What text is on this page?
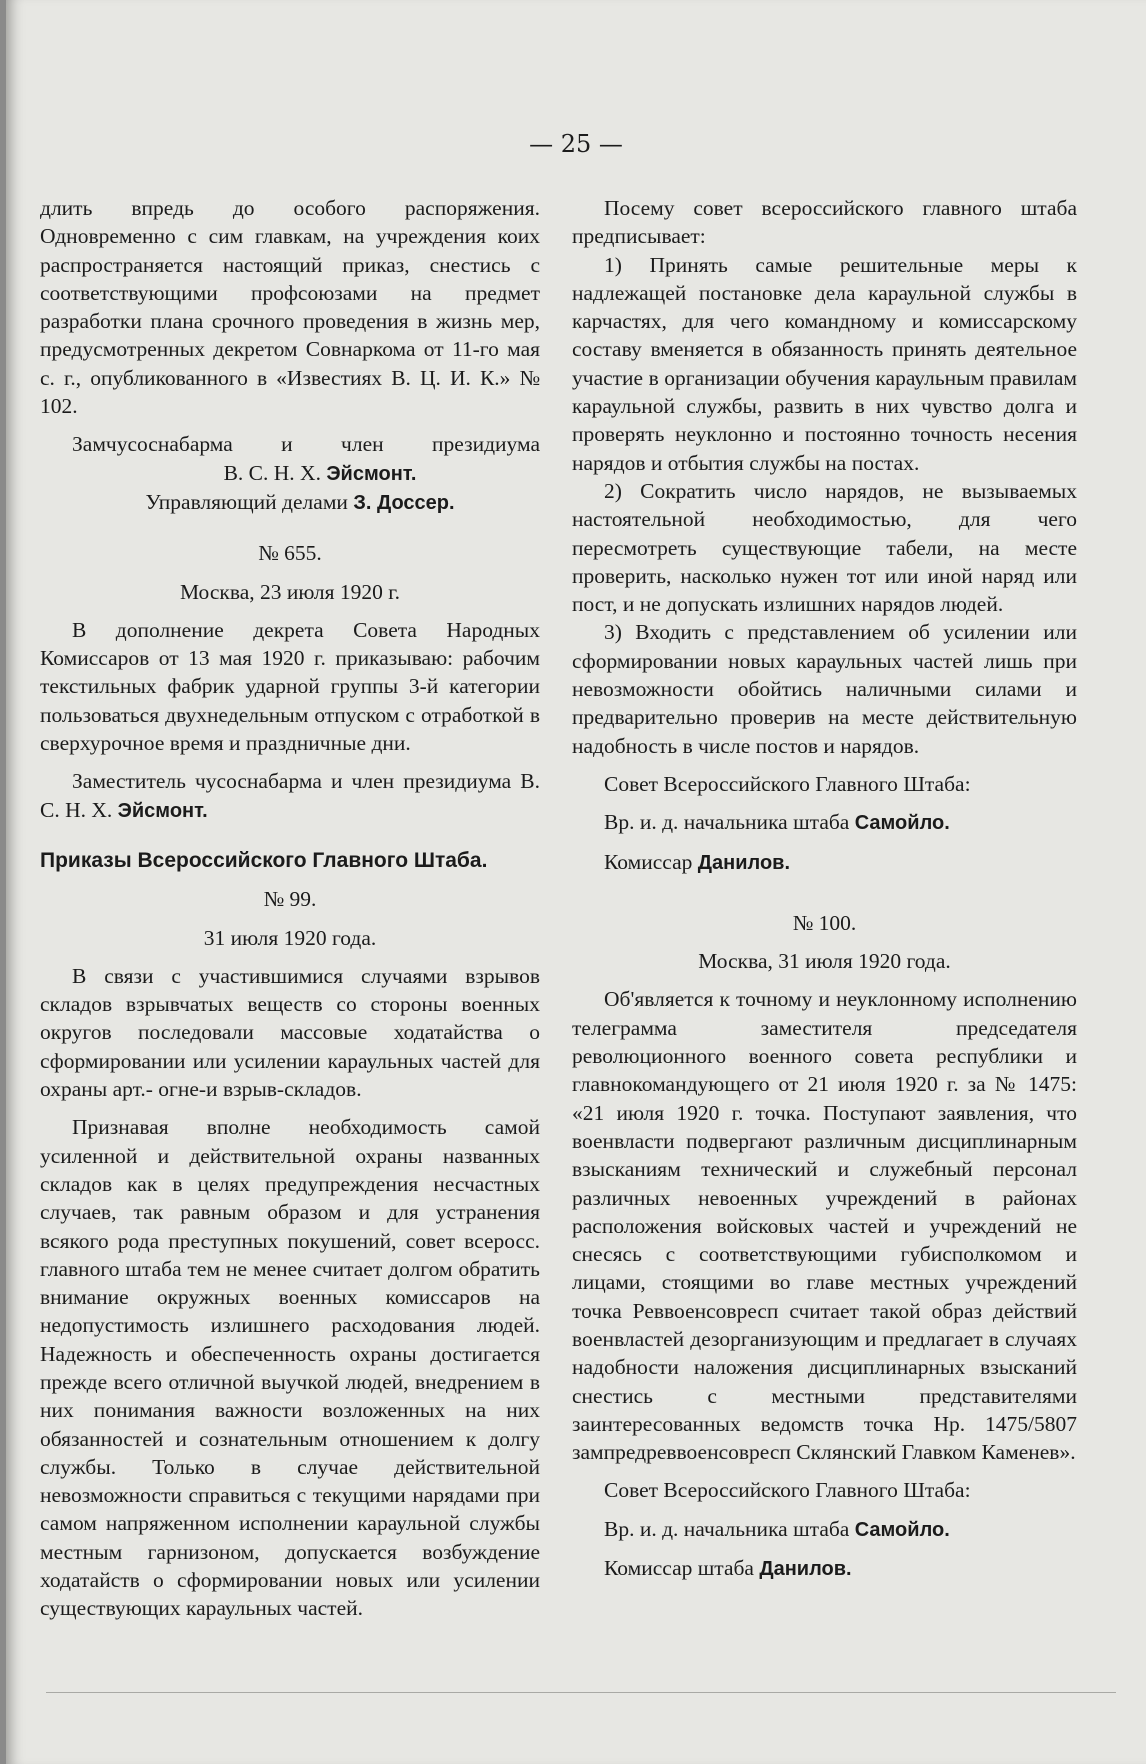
— 25 —

длить впредь до особого распоряжения. Одновременно с сим главкам, на учреждения коих распространяется настоящий приказ, снестись с соответствующими профсоюзами на предмет разработки плана срочного проведения в жизнь мер, предусмотренных декретом Совнаркома от 11-го мая с. г., опубликованного в «Известиях В. Ц. И. К.» № 102.

Замчусоснабарма и член президиума

В. С. Н. Х. Эйсмонт.

Управляющий делами З. Доссер.

№ 655.

Москва, 23 июля 1920 г.

В дополнение декрета Совета Народных Комиссаров от 13 мая 1920 г. приказываю: рабочим текстильных фабрик ударной группы 3-й категории пользоваться двухнедельным отпуском с отработкой в сверхурочное время и праздничные дни.

Заместитель чусоснабарма и член президиума В. С. Н. Х. Эйсмонт.

Приказы Всероссийского Главного Штаба.

№ 99.

31 июля 1920 года.

В связи с участившимися случаями взрывов складов взрывчатых веществ со стороны военных округов последовали массовые ходатайства о сформировании или усилении караульных частей для охраны арт.- огне-и взрыв-складов.

Признавая вполне необходимость самой усиленной и действительной охраны названных складов как в целях предупреждения несчастных случаев, так равным образом и для устранения всякого рода преступных покушений, совет всеросс. главного штаба тем не менее считает долгом обратить внимание окружных военных комиссаров на недопустимость излишнего расходования людей. Надежность и обеспеченность охраны достигается прежде всего отличной выучкой людей, внедрением в них понимания важности возложенных на них обязанностей и сознательным отношением к долгу службы. Только в случае действительной невозможности справиться с текущими нарядами при самом напряженном исполнении караульной службы местным гарнизоном, допускается возбуждение ходатайств о сформировании новых или усилении существующих караульных частей.

Посему совет всероссийского главного штаба предписывает:

1) Принять самые решительные меры к надлежащей постановке дела караульной службы в карчастях, для чего командному и комиссарскому составу вменяется в обязанность принять деятельное участие в организации обучения караульным правилам караульной службы, развить в них чувство долга и проверять неуклонно и постоянно точность несения нарядов и отбытия службы на постах.

2) Сократить число нарядов, не вызываемых настоятельной необходимостью, для чего пересмотреть существующие табели, на месте проверить, насколько нужен тот или иной наряд или пост, и не допускать излишних нарядов людей.

3) Входить с представлением об усилении или сформировании новых караульных частей лишь при невозможности обойтись наличными силами и предварительно проверив на месте действительную надобность в числе постов и нарядов.

Совет Всероссийского Главного Штаба:

Вр. и. д. начальника штаба Самойло.

Комиссар Данилов.

№ 100.

Москва, 31 июля 1920 года.

Об'является к точному и неуклонному исполнению телеграмма заместителя председателя революционного военного совета республики и главнокомандующего от 21 июля 1920 г. за № 1475: «21 июля 1920 г. точка. Поступают заявления, что военвласти подвергают различным дисциплинарным взысканиям технический и служебный персонал различных невоенных учреждений в районах расположения войсковых частей и учреждений не снесясь с соответствующими губисполкомом и лицами, стоящими во главе местных учреждений точка Реввоенсовресп считает такой образ действий военвластей дезорганизующим и предлагает в случаях надобности наложения дисциплинарных взысканий снестись с местными представителями заинтересованных ведомств точка Нр. 1475/5807 зампредреввоенсовресп Склянский Главком Каменев».

Совет Всероссийского Главного Штаба:

Вр. и. д. начальника штаба Самойло.

Комиссар штаба Данилов.
